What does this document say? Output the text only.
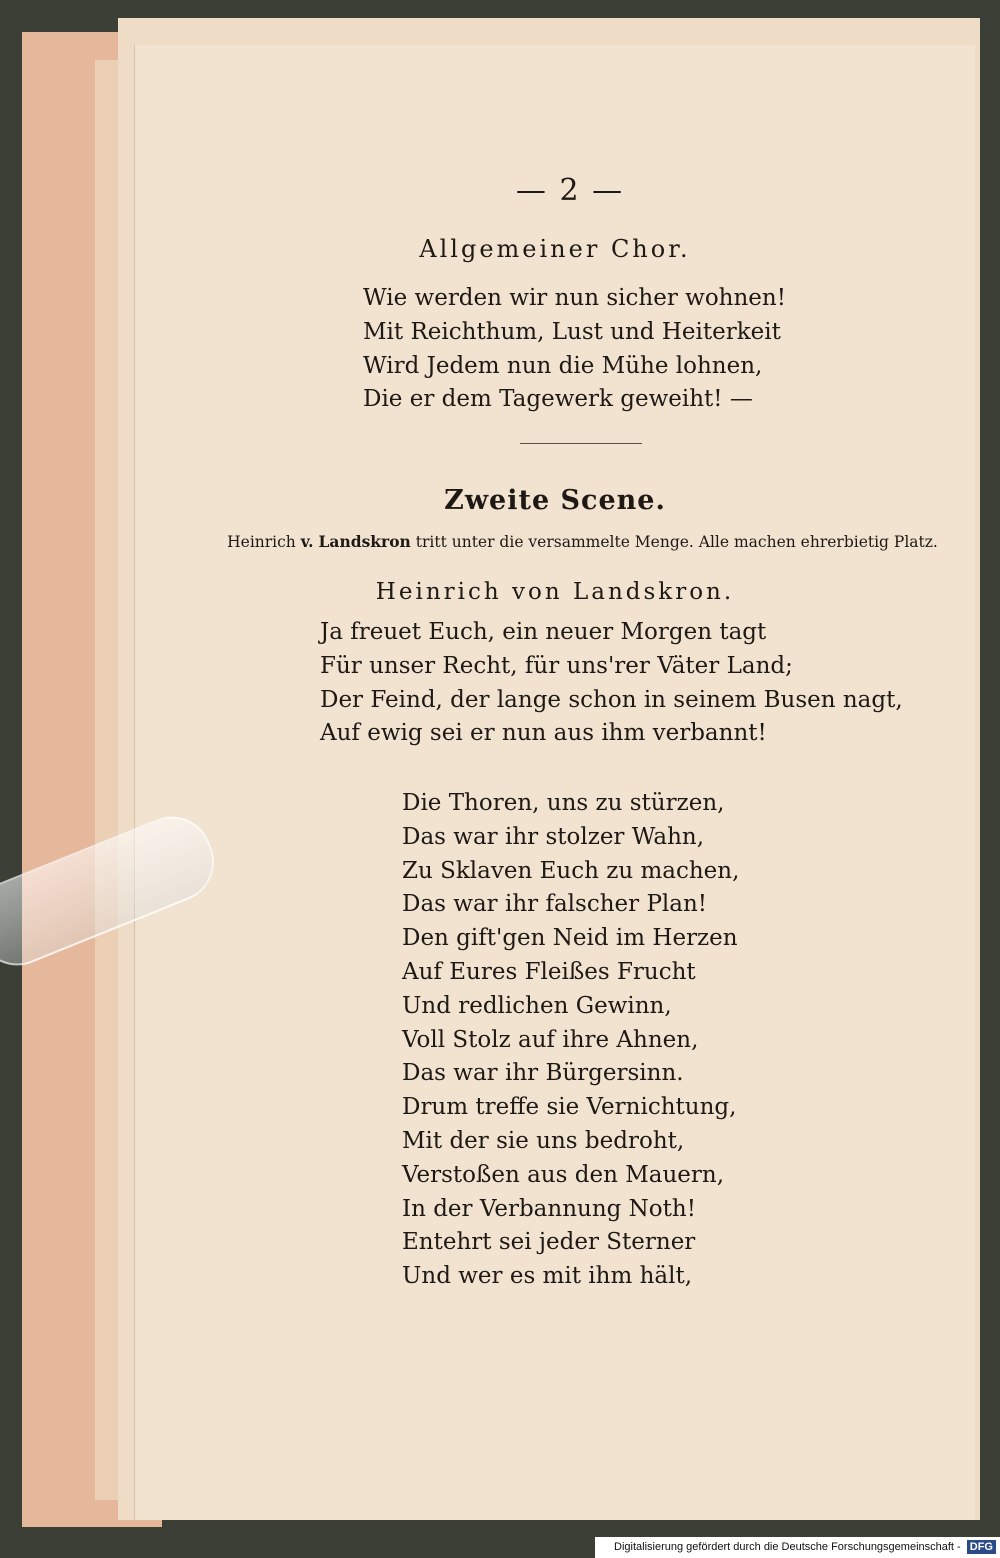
— 2 —
Allgemeiner Chor.
Wie werden wir nun sicher wohnen!
Mit Reichthum, Lust und Heiterkeit
Wird Jedem nun die Mühe lohnen,
Die er dem Tagewerk geweiht! —
Zweite Scene.
Heinrich v. Landskron tritt unter die versammelte Menge. Alle machen ehrerbietig Platz.
Heinrich von Landskron.
Ja freuet Euch, ein neuer Morgen tagt
Für unser Recht, für uns'rer Väter Land;
Der Feind, der lange schon in seinem Busen nagt,
Auf ewig sei er nun aus ihm verbannt!
Die Thoren, uns zu stürzen,
Das war ihr stolzer Wahn,
Zu Sklaven Euch zu machen,
Das war ihr falscher Plan!
Den gift'gen Neid im Herzen
Auf Eures Fleißes Frucht
Und redlichen Gewinn,
Voll Stolz auf ihre Ahnen,
Das war ihr Bürgersinn.
Drum treffe sie Vernichtung,
Mit der sie uns bedroht,
Verstoßen aus den Mauern,
In der Verbannung Noth!
Entehrt sei jeder Sterner
Und wer es mit ihm hält,
Digitalisierung gefördert durch die Deutsche Forschungsgemeinschaft - DFG
